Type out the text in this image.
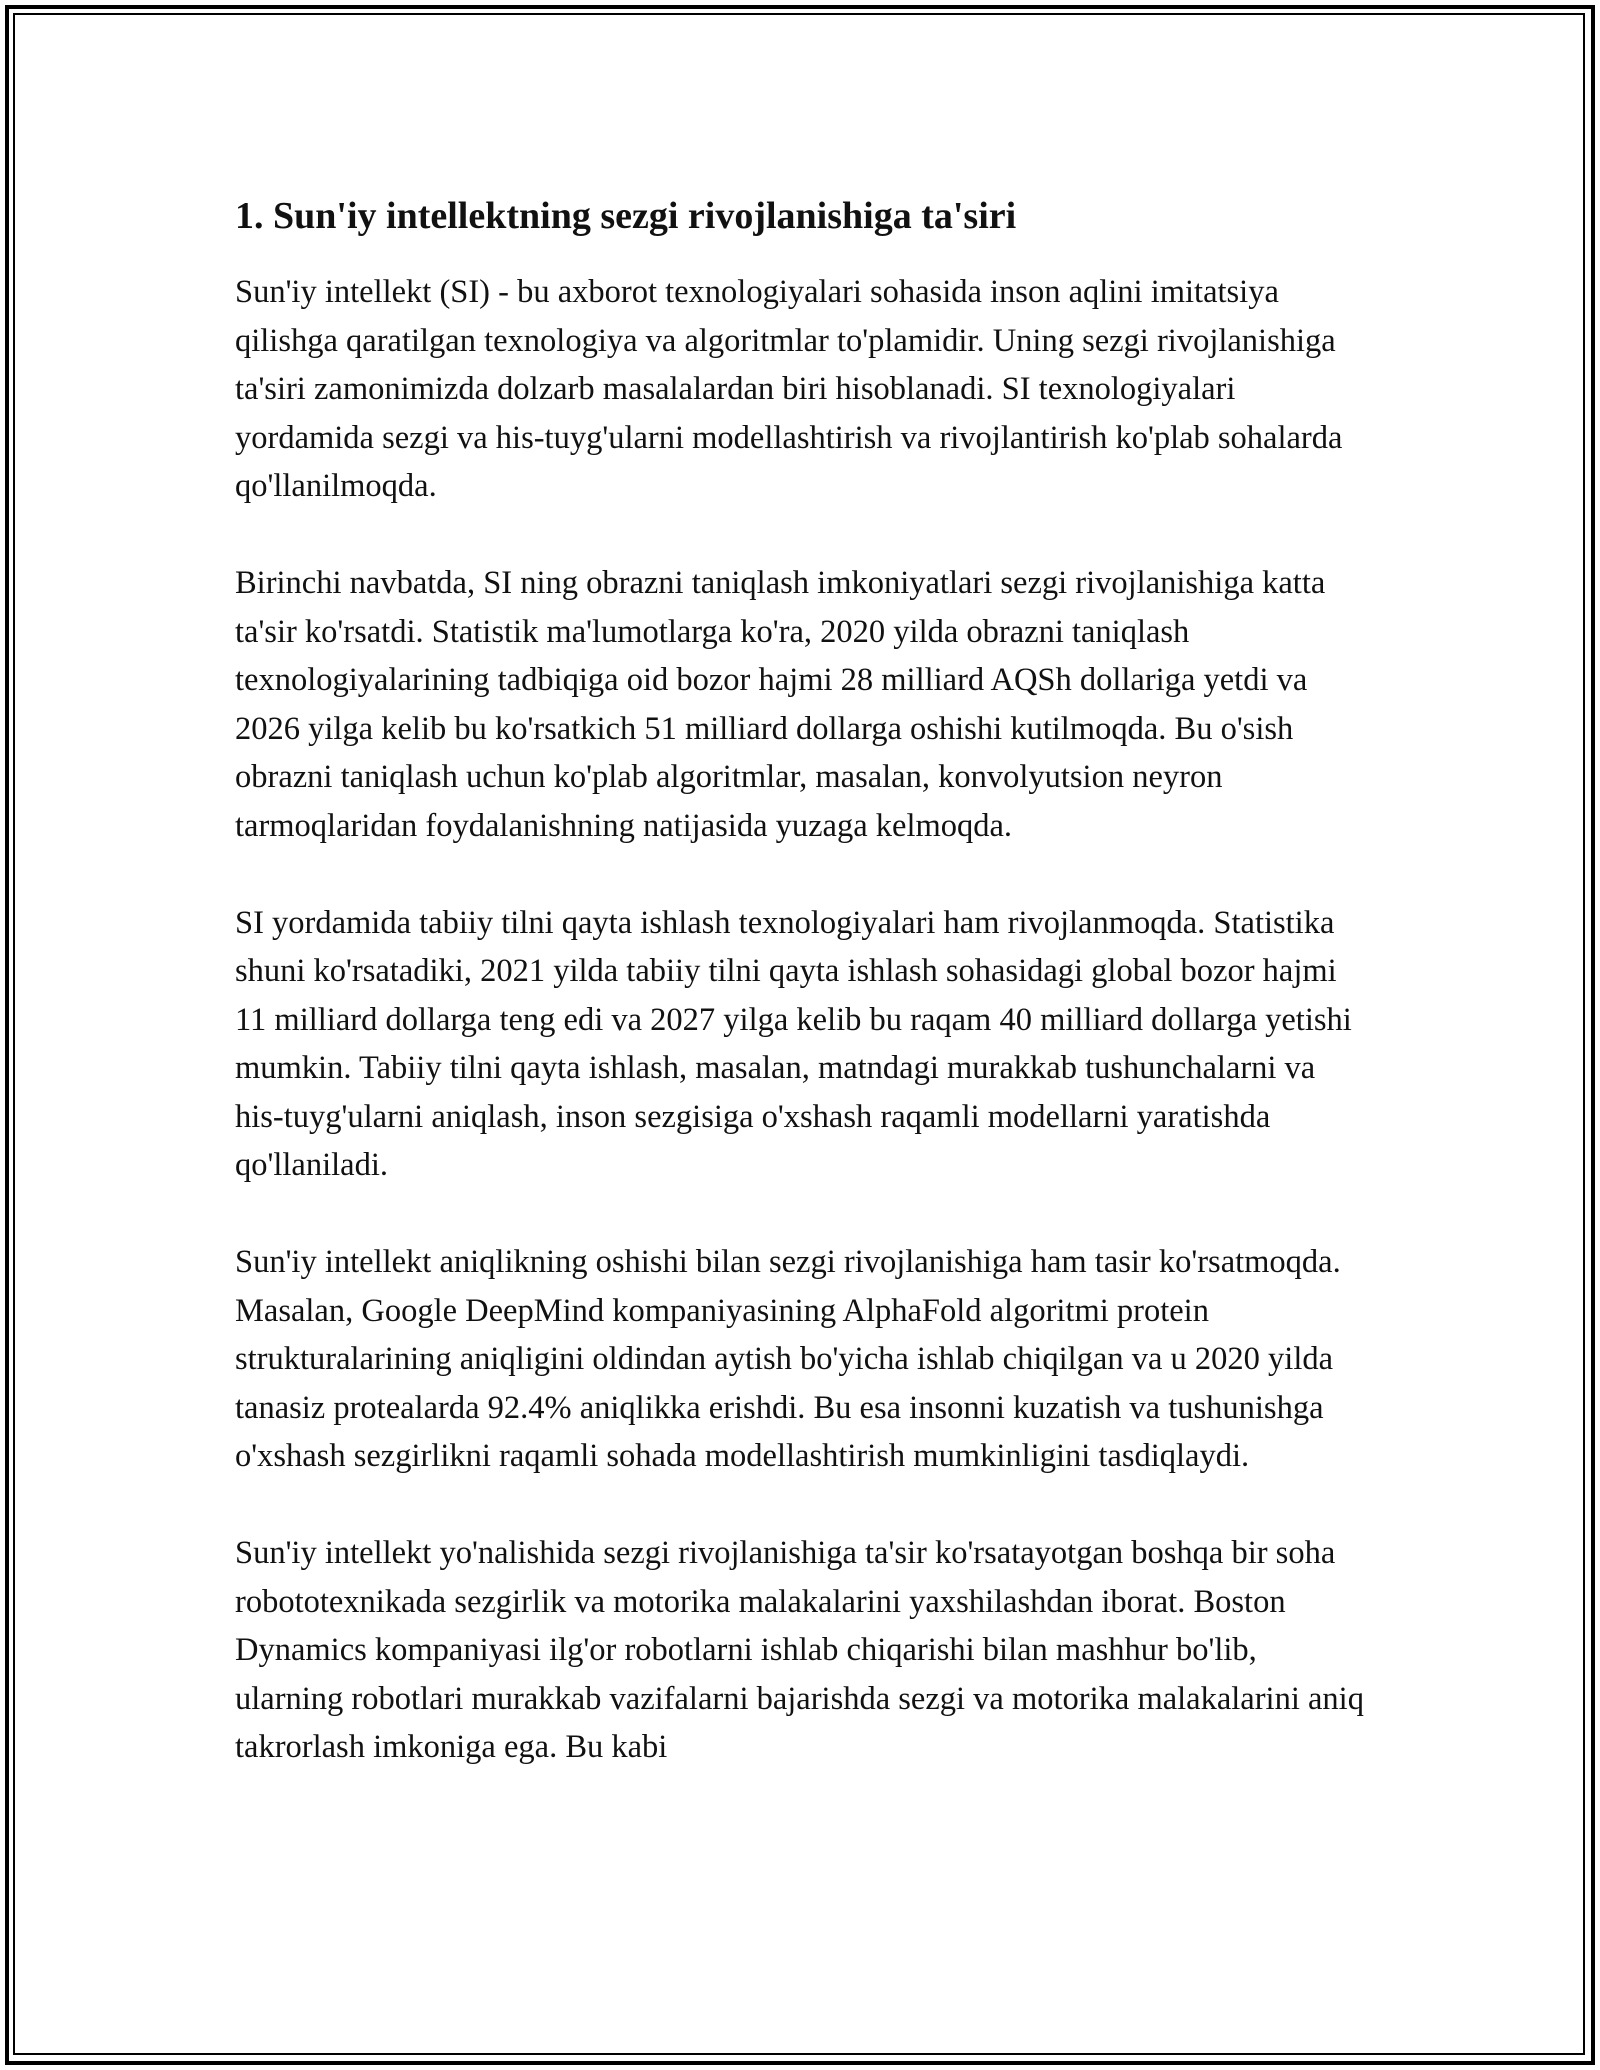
1. Sun'iy intellektning sezgi rivojlanishiga ta'siri

Sun'iy intellekt (SI) - bu axborot texnologiyalari sohasida inson aqlini imitatsiya qilishga qaratilgan texnologiya va algoritmlar to'plamidir. Uning sezgi rivojlanishiga ta'siri zamonimizda dolzarb masalalardan biri hisoblanadi. SI texnologiyalari yordamida sezgi va his-tuyg'ularni modellashtirish va rivojlantirish ko'plab sohalarda qo'llanilmoqda.

Birinchi navbatda, SI ning obrazni taniqlash imkoniyatlari sezgi rivojlanishiga katta ta'sir ko'rsatdi. Statistik ma'lumotlarga ko'ra, 2020 yilda obrazni taniqlash texnologiyalarining tadbiqiga oid bozor hajmi 28 milliard AQSh dollariga yetdi va 2026 yilga kelib bu ko'rsatkich 51 milliard dollarga oshishi kutilmoqda. Bu o'sish obrazni taniqlash uchun ko'plab algoritmlar, masalan, konvolyutsion neyron tarmoqlaridan foydalanishning natijasida yuzaga kelmoqda.

SI yordamida tabiiy tilni qayta ishlash texnologiyalari ham rivojlanmoqda. Statistika shuni ko'rsatadiki, 2021 yilda tabiiy tilni qayta ishlash sohasidagi global bozor hajmi 11 milliard dollarga teng edi va 2027 yilga kelib bu raqam 40 milliard dollarga yetishi mumkin. Tabiiy tilni qayta ishlash, masalan, matndagi murakkab tushunchalarni va his-tuyg'ularni aniqlash, inson sezgisiga o'xshash raqamli modellarni yaratishda qo'llaniladi.

Sun'iy intellekt aniqlikning oshishi bilan sezgi rivojlanishiga ham tasir ko'rsatmoqda. Masalan, Google DeepMind kompaniyasining AlphaFold algoritmi protein strukturalarining aniqligini oldindan aytish bo'yicha ishlab chiqilgan va u 2020 yilda tanasiz protealarda 92.4% aniqlikka erishdi. Bu esa insonni kuzatish va tushunishga o'xshash sezgirlikni raqamli sohada modellashtirish mumkinligini tasdiqlaydi.

Sun'iy intellekt yo'nalishida sezgi rivojlanishiga ta'sir ko'rsatayotgan boshqa bir soha robototexnikada sezgirlik va motorika malakalarini yaxshilashdan iborat. Boston Dynamics kompaniyasi ilg'or robotlarni ishlab chiqarishi bilan mashhur bo'lib, ularning robotlari murakkab vazifalarni bajarishda sezgi va motorika malakalarini aniq takrorlash imkoniga ega. Bu kabi
